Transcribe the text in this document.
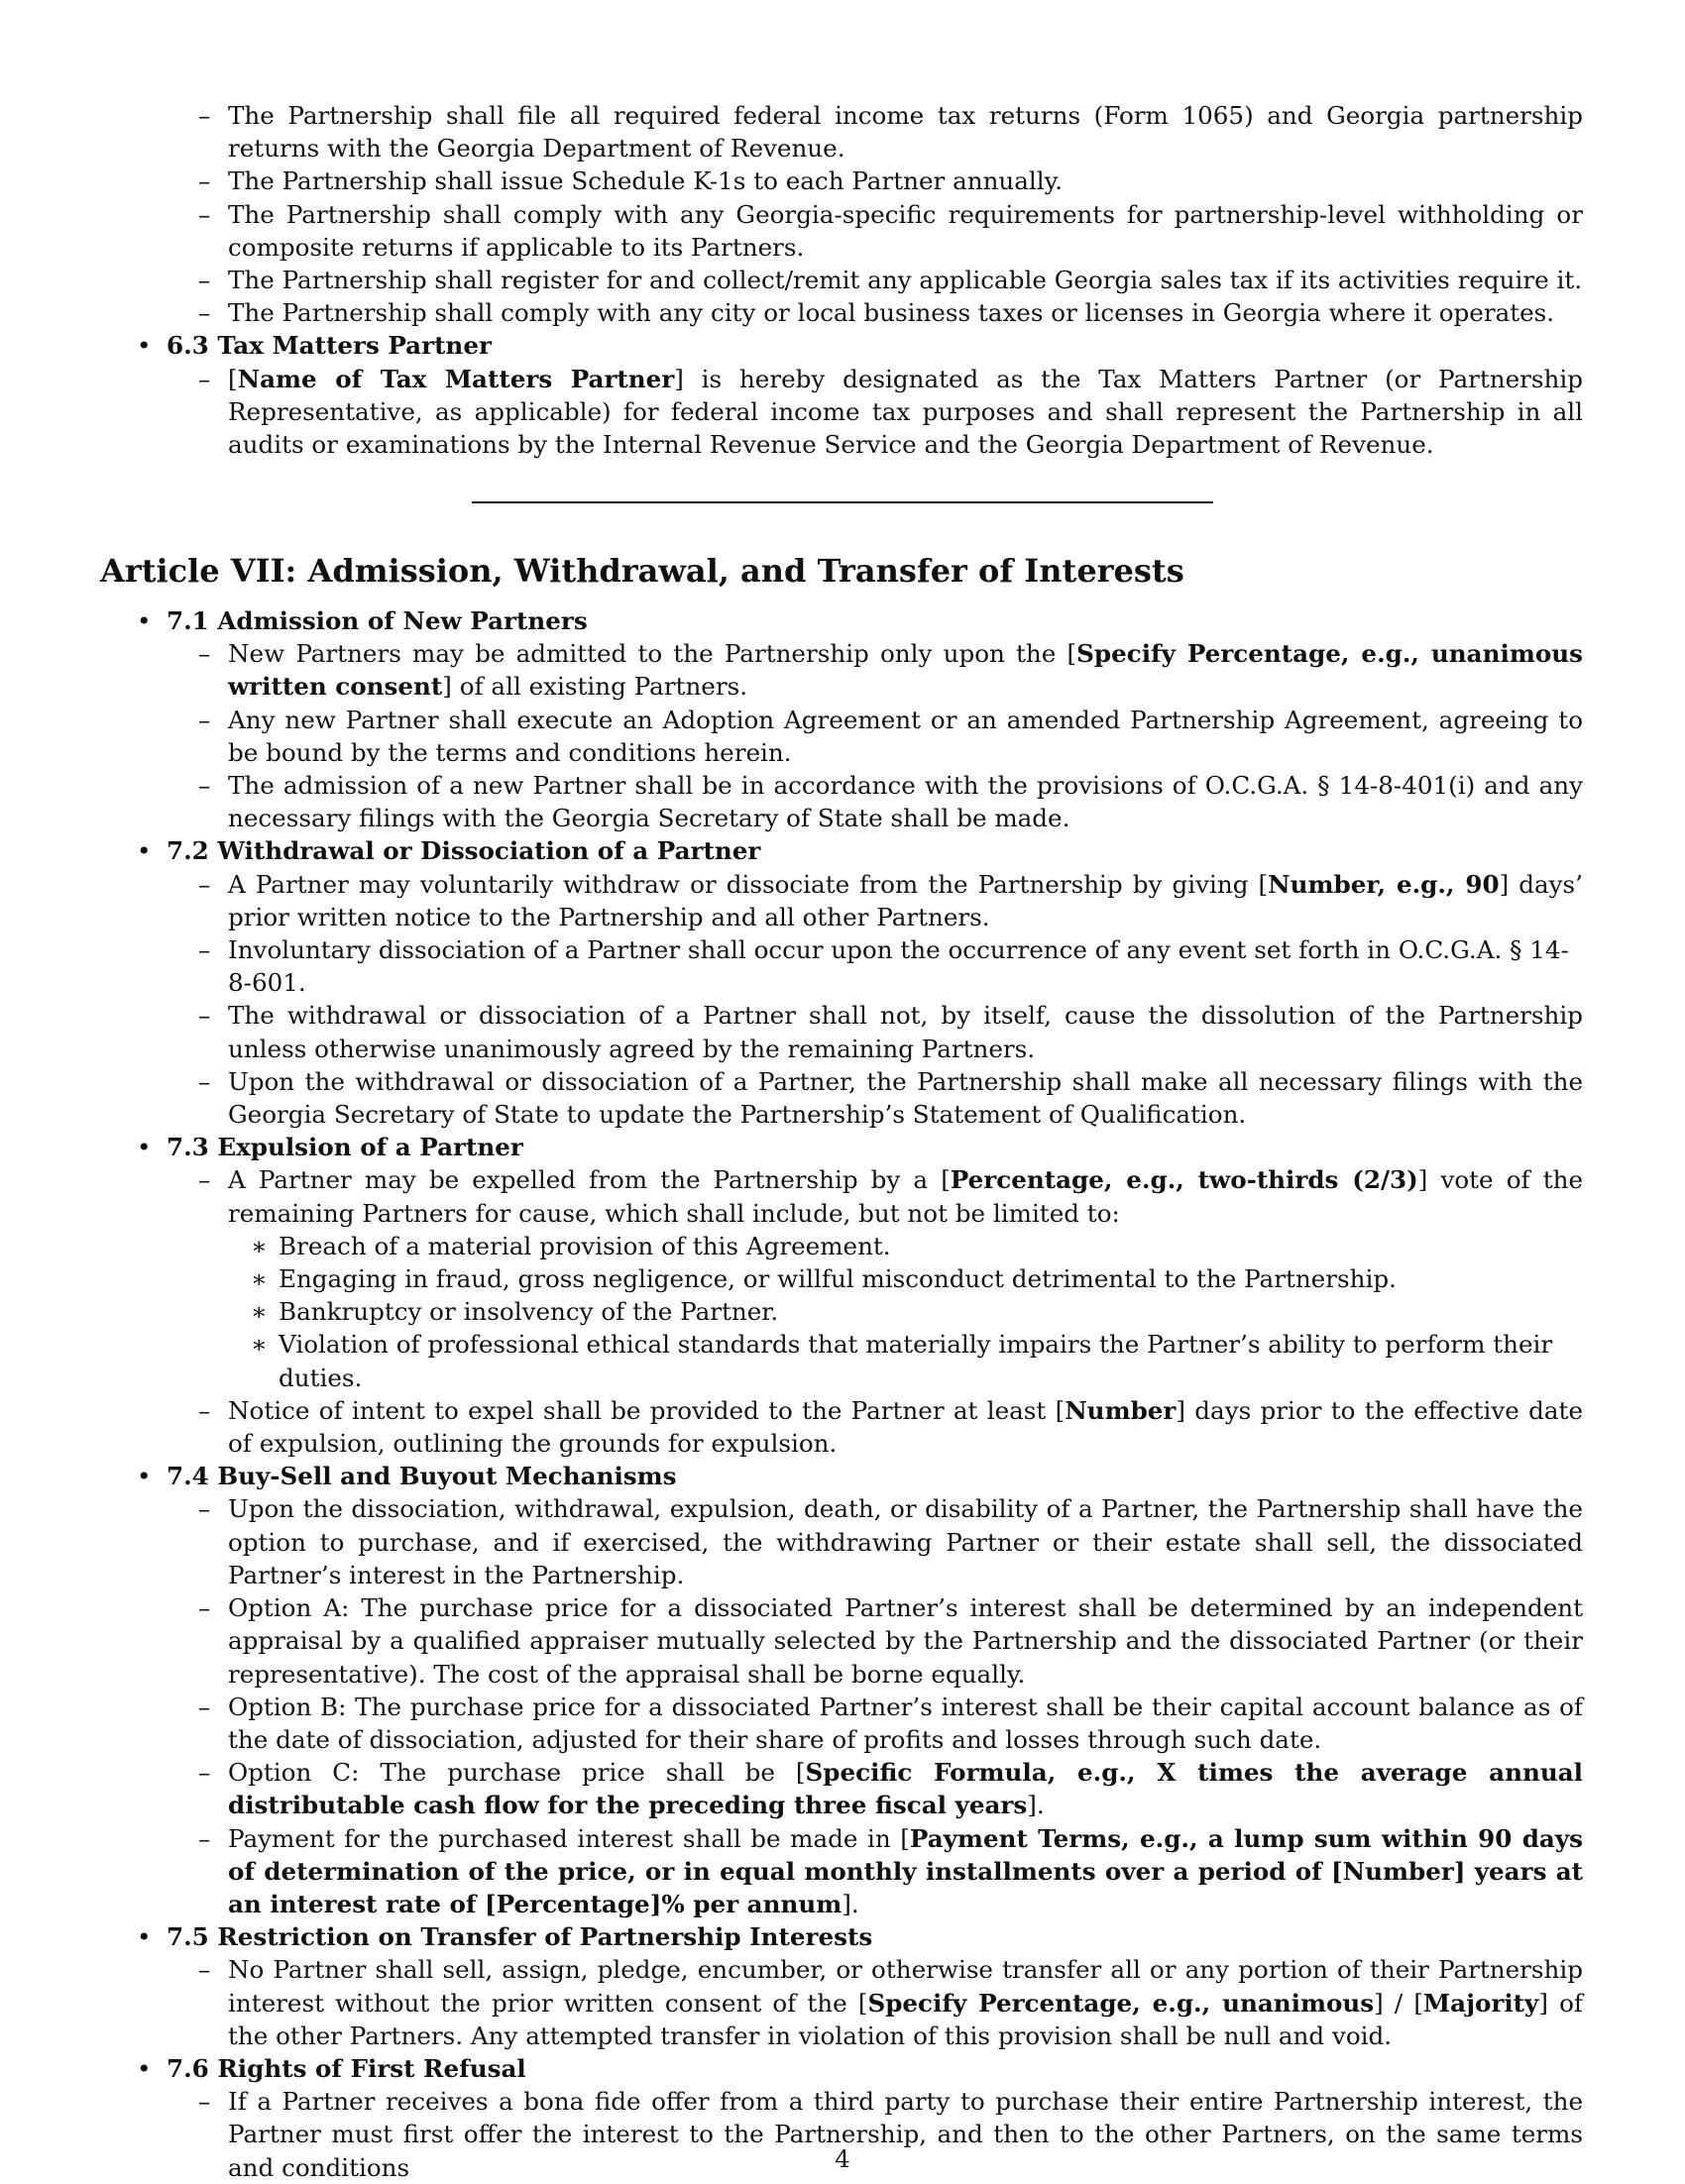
– The Partnership shall file all required federal income tax returns (Form 1065) and Georgia partnership returns with the Georgia Department of Revenue.
– The Partnership shall issue Schedule K-1s to each Partner annually.
– The Partnership shall comply with any Georgia-specific requirements for partnership-level withholding or composite returns if applicable to its Partners.
– The Partnership shall register for and collect/remit any applicable Georgia sales tax if its activities require it.
– The Partnership shall comply with any city or local business taxes or licenses in Georgia where it operates.
• 6.3 Tax Matters Partner
– [Name of Tax Matters Partner] is hereby designated as the Tax Matters Partner (or Partnership Representative, as applicable) for federal income tax purposes and shall represent the Partnership in all audits or examinations by the Internal Revenue Service and the Georgia Department of Revenue.
Article VII: Admission, Withdrawal, and Transfer of Interests
• 7.1 Admission of New Partners
– New Partners may be admitted to the Partnership only upon the [Specify Percentage, e.g., unanimous written consent] of all existing Partners.
– Any new Partner shall execute an Adoption Agreement or an amended Partnership Agreement, agreeing to be bound by the terms and conditions herein.
– The admission of a new Partner shall be in accordance with the provisions of O.C.G.A. § 14-8-401(i) and any necessary filings with the Georgia Secretary of State shall be made.
• 7.2 Withdrawal or Dissociation of a Partner
– A Partner may voluntarily withdraw or dissociate from the Partnership by giving [Number, e.g., 90] days’ prior written notice to the Partnership and all other Partners.
– Involuntary dissociation of a Partner shall occur upon the occurrence of any event set forth in O.C.G.A. § 14-8-601.
– The withdrawal or dissociation of a Partner shall not, by itself, cause the dissolution of the Partnership unless otherwise unanimously agreed by the remaining Partners.
– Upon the withdrawal or dissociation of a Partner, the Partnership shall make all necessary filings with the Georgia Secretary of State to update the Partnership’s Statement of Qualification.
• 7.3 Expulsion of a Partner
– A Partner may be expelled from the Partnership by a [Percentage, e.g., two-thirds (2/3)] vote of the remaining Partners for cause, which shall include, but not be limited to:
∗ Breach of a material provision of this Agreement.
∗ Engaging in fraud, gross negligence, or willful misconduct detrimental to the Partnership.
∗ Bankruptcy or insolvency of the Partner.
∗ Violation of professional ethical standards that materially impairs the Partner’s ability to perform their duties.
– Notice of intent to expel shall be provided to the Partner at least [Number] days prior to the effective date of expulsion, outlining the grounds for expulsion.
• 7.4 Buy-Sell and Buyout Mechanisms
– Upon the dissociation, withdrawal, expulsion, death, or disability of a Partner, the Partnership shall have the option to purchase, and if exercised, the withdrawing Partner or their estate shall sell, the dissociated Partner’s interest in the Partnership.
– Option A: The purchase price for a dissociated Partner’s interest shall be determined by an independent appraisal by a qualified appraiser mutually selected by the Partnership and the dissociated Partner (or their representative). The cost of the appraisal shall be borne equally.
– Option B: The purchase price for a dissociated Partner’s interest shall be their capital account balance as of the date of dissociation, adjusted for their share of profits and losses through such date.
– Option C: The purchase price shall be [Specific Formula, e.g., X times the average annual distributable cash flow for the preceding three fiscal years].
– Payment for the purchased interest shall be made in [Payment Terms, e.g., a lump sum within 90 days of determination of the price, or in equal monthly installments over a period of [Number] years at an interest rate of [Percentage]% per annum].
• 7.5 Restriction on Transfer of Partnership Interests
– No Partner shall sell, assign, pledge, encumber, or otherwise transfer all or any portion of their Partnership interest without the prior written consent of the [Specify Percentage, e.g., unanimous] / [Majority] of the other Partners. Any attempted transfer in violation of this provision shall be null and void.
• 7.6 Rights of First Refusal
– If a Partner receives a bona fide offer from a third party to purchase their entire Partnership interest, the Partner must first offer the interest to the Partnership, and then to the other Partners, on the same terms and conditions	4
